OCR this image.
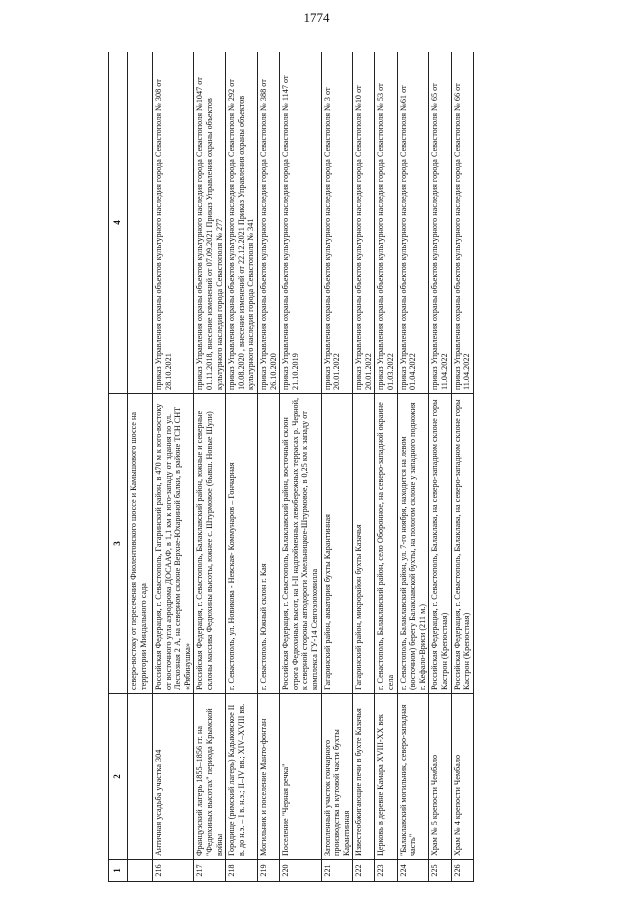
1774
1	2	3	4
		северо-востоку от пересечения Фиолентовского шоссе и Камышового шоссе на территории Миндального сада	
216	Античная усадьба участка 304	Российская Федерация, г. Севастополь, Гагаринский район, в 470 м к юго-востоку от восточного угла аэродрома ДОСААФ, в 1,1 км к юго-западу от здания по ул. Лесхозная 2 А, на северном склоне Верхне-Юхариной балки, в районе ТСН СНТ «Рябинушка»	приказ Управления охраны объектов культурного наследия города Севастополя № 308 от 28.10.2021
217	Французский лагерь 1855–1856 гг. на "Федюхиных высотах" периода Крымской войны	Российская Федерация, г. Севастополь, Балаклавский район, южные и северные склоны массива Федюхины высоты, южнее с. Штурмовое (бывш. Новые Шули)	приказ Управления охраны объектов культурного наследия города Севастополя №1047 от 01.11.2018, внесение изменений от 07.09.2021 Приказ Управления охраны объектов культурного наследия города Севастополя № 277
218	Городище (римский лагерь) Кадыковское II в. до н.э. – I в. н.э.; II–IV вв.; XIV–XVIII вв.	г. Севастополь, ул. Новикова - Невская- Коммунаров – Гончарная	приказ Управления охраны объектов культурного наследия города Севастополя № 292 от 10.08.2020 , внесение изменений от 22.12.2021 Приказ Управления охраны объектов культурного наследия города Севастополя № 341
219	Могильник и поселение Манто-фонтан	г. Севастополь. Южный склон г. Кая	приказ Управления охраны объектов культурного наследия города Севастополя № 388 от 26.10.2020
220	Поселение "Черная речка"	Российская Федерация, г. Севастополь, Балаклавский район, восточный склон отрога Федюхиных высот, на I-II надпойменных левобережных террасах р. Черной, к северной стороны автодороги Хмельницкое-Штурмовое, в 0,25 км к западу от комплекса ГУ-14 Севгоэлоховилла	приказ Управления охраны объектов культурного наследия города Севастополя № 1147 от 21.10.2019
221	Затопленный участок гончарного производства в кутовой части бухты Карантинная	Гагаринский район, акватория бухты Карантинная	приказ Управления охраны объектов культурного наследия города Севастополя № 3 от 20.01.2022
222	Известеобжигающие печи в бухте Казачья	Гагаринский район, микрорайон бухты Казачья	приказ Управления охраны объектов культурного наследия города Севастополя №10 от 20.01.2022
223	Церковь в деревне Камара XVIII-XX век	г. Севастополь, Балаклавский район, село Оборонное, на северо-западной окраине села	приказ Управления охраны объектов культурного наследия города Севастополя № 53 от 01.03.2022
224	"Балаклавский могильник, северо-западная часть"	г. Севастополь, Балаклавский район, ул. 7-го ноября, находится на левом (восточном) берегу Балаклавской бухты, на пологом склоне у западного подножия г. Кефало-Вриси (211 м.)	приказ Управления охраны объектов культурного наследия города Севастополя №61 от 01.04.2022
225	Храм № 5 крепости Чембало	Российская Федерация, г. Севастополь, Балаклава, на северо-западном склоне горы Кастрон (Крепостная)	приказ Управления охраны объектов культурного наследия города Севастополя № 65 от 11.04.2022
226	Храм № 4 крепости Чембало	Российская Федерация, г. Севастополь, Балаклава, на северо-западном склоне горы Кастрон (Крепостная)	приказ Управления охраны объектов культурного наследия города Севастополя № 66 от 11.04.2022
